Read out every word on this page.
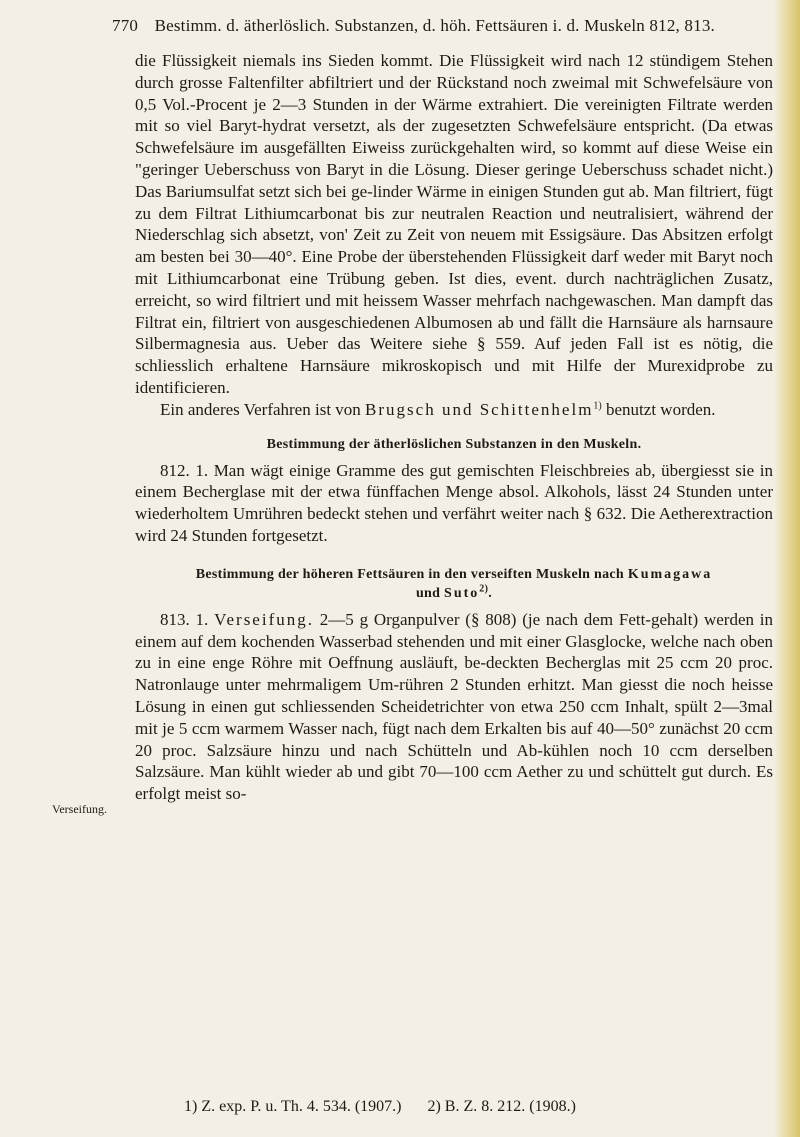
770 Bestimm. d. ätherlöslich. Substanzen, d. höh. Fettsäuren i. d. Muskeln 812, 813.
Verseifung.

die Flüssigkeit niemals ins Sieden kommt. Die Flüssigkeit wird nach 12 stündigem Stehen durch grosse Faltenfilter abfiltriert und der Rückstand noch zweimal mit Schwefelsäure von 0,5 Vol.-Procent je 2—3 Stunden in der Wärme extrahiert. Die vereinigten Filtrate werden mit so viel Baryt-hydrat versetzt, als der zugesetzten Schwefelsäure entspricht. (Da etwas Schwefelsäure im ausgefällten Eiweiss zurückgehalten wird, so kommt auf diese Weise ein "geringer Ueberschuss von Baryt in die Lösung. Dieser geringe Ueberschuss schadet nicht.) Das Bariumsulfat setzt sich bei ge-linder Wärme in einigen Stunden gut ab. Man filtriert, fügt zu dem Filtrat Lithiumcarbonat bis zur neutralen Reaction und neutralisiert, während der Niederschlag sich absetzt, von' Zeit zu Zeit von neuem mit Essigsäure. Das Absitzen erfolgt am besten bei 30—40°. Eine Probe der überstehenden Flüssigkeit darf weder mit Baryt noch mit Lithiumcarbonat eine Trübung geben. Ist dies, event. durch nachträglichen Zusatz, erreicht, so wird filtriert und mit heissem Wasser mehrfach nachgewaschen. Man dampft das Filtrat ein, filtriert von ausgeschiedenen Albumosen ab und fällt die Harnsäure als harnsaure Silbermagnesia aus. Ueber das Weitere siehe § 559. Auf jeden Fall ist es nötig, die schliesslich erhaltene Harnsäure mikroskopisch und mit Hilfe der Murexidprobe zu identificieren.

Ein anderes Verfahren ist von Brugsch und Schittenhelm$^{1)}$ benutzt worden.

Bestimmung der ätherlöslichen Substanzen in den Muskeln.

812. 1. Man wägt einige Gramme des gut gemischten Fleischbreies ab, übergiesst sie in einem Becherglase mit der etwa fünffachen Menge absol. Alkohols, lässt 24 Stunden unter wiederholtem Umrühren bedeckt stehen und verfährt weiter nach § 632. Die Aetherextraction wird 24 Stunden fortgesetzt.

Bestimmung der höheren Fettsäuren in den verseiften Muskeln nach Kumagawa
und Suto$^{2)}$.

813. 1. Verseifung. 2—5 g Organpulver (§ 808) (je nach dem Fett-gehalt) werden in einem auf dem kochenden Wasserbad stehenden und mit einer Glasglocke, welche nach oben zu in eine enge Röhre mit Oeffnung ausläuft, be-deckten Becherglas mit 25 ccm 20 proc. Natronlauge unter mehrmaligem Um-rühren 2 Stunden erhitzt. Man giesst die noch heisse Lösung in einen gut schliessenden Scheidetrichter von etwa 250 ccm Inhalt, spült 2—3mal mit je 5 ccm warmem Wasser nach, fügt nach dem Erkalten bis auf 40—50° zunächst 20 ccm 20 proc. Salzsäure hinzu und nach Schütteln und Ab-kühlen noch 10 ccm derselben Salzsäure. Man kühlt wieder ab und gibt 70—100 ccm Aether zu und schüttelt gut durch. Es erfolgt meist so-

1) Z. exp. P. u. Th. 4. 534. (1907.) 2) B. Z. 8. 212. (1908.)
